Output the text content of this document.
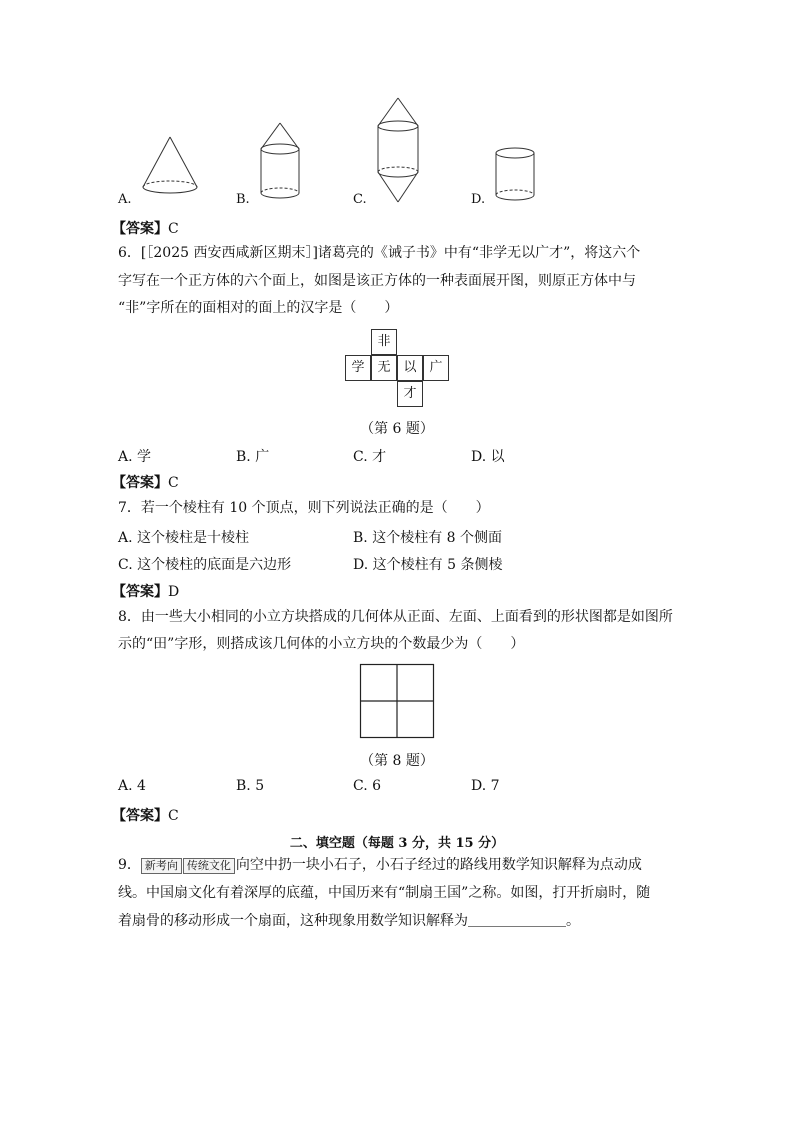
A.	B.	C.	D.
【答案】C
6．[［2025 西安西咸新区期末］]诸葛亮的《诫子书》中有“非学无以广才”，将这六个
字写在一个正方体的六个面上，如图是该正方体的一种表面展开图，则原正方体中与
“非”字所在的面相对的面上的汉字是（　　）
非
学 无 以 广
才
（第 6 题）
A. 学	B. 广	C. 才	D. 以
【答案】C
7．若一个棱柱有 10 个顶点，则下列说法正确的是（　　）
A. 这个棱柱是十棱柱	B. 这个棱柱有 8 个侧面
C. 这个棱柱的底面是六边形	D. 这个棱柱有 5 条侧棱
【答案】D
8．由一些大小相同的小立方块搭成的几何体从正面、左面、上面看到的形状图都是如图所
示的“田”字形，则搭成该几何体的小立方块的个数最少为（　　）
（第 8 题）
A. 4	B. 5	C. 6	D. 7
【答案】C
二、填空题（每题 3 分，共 15 分）
9． 新考向 传统文化 向空中扔一块小石子，小石子经过的路线用数学知识解释为点动成
线。中国扇文化有着深厚的底蕴，中国历来有“制扇王国”之称。如图，打开折扇时，随
着扇骨的移动形成一个扇面，这种现象用数学知识解释为＿＿＿＿＿＿＿。
